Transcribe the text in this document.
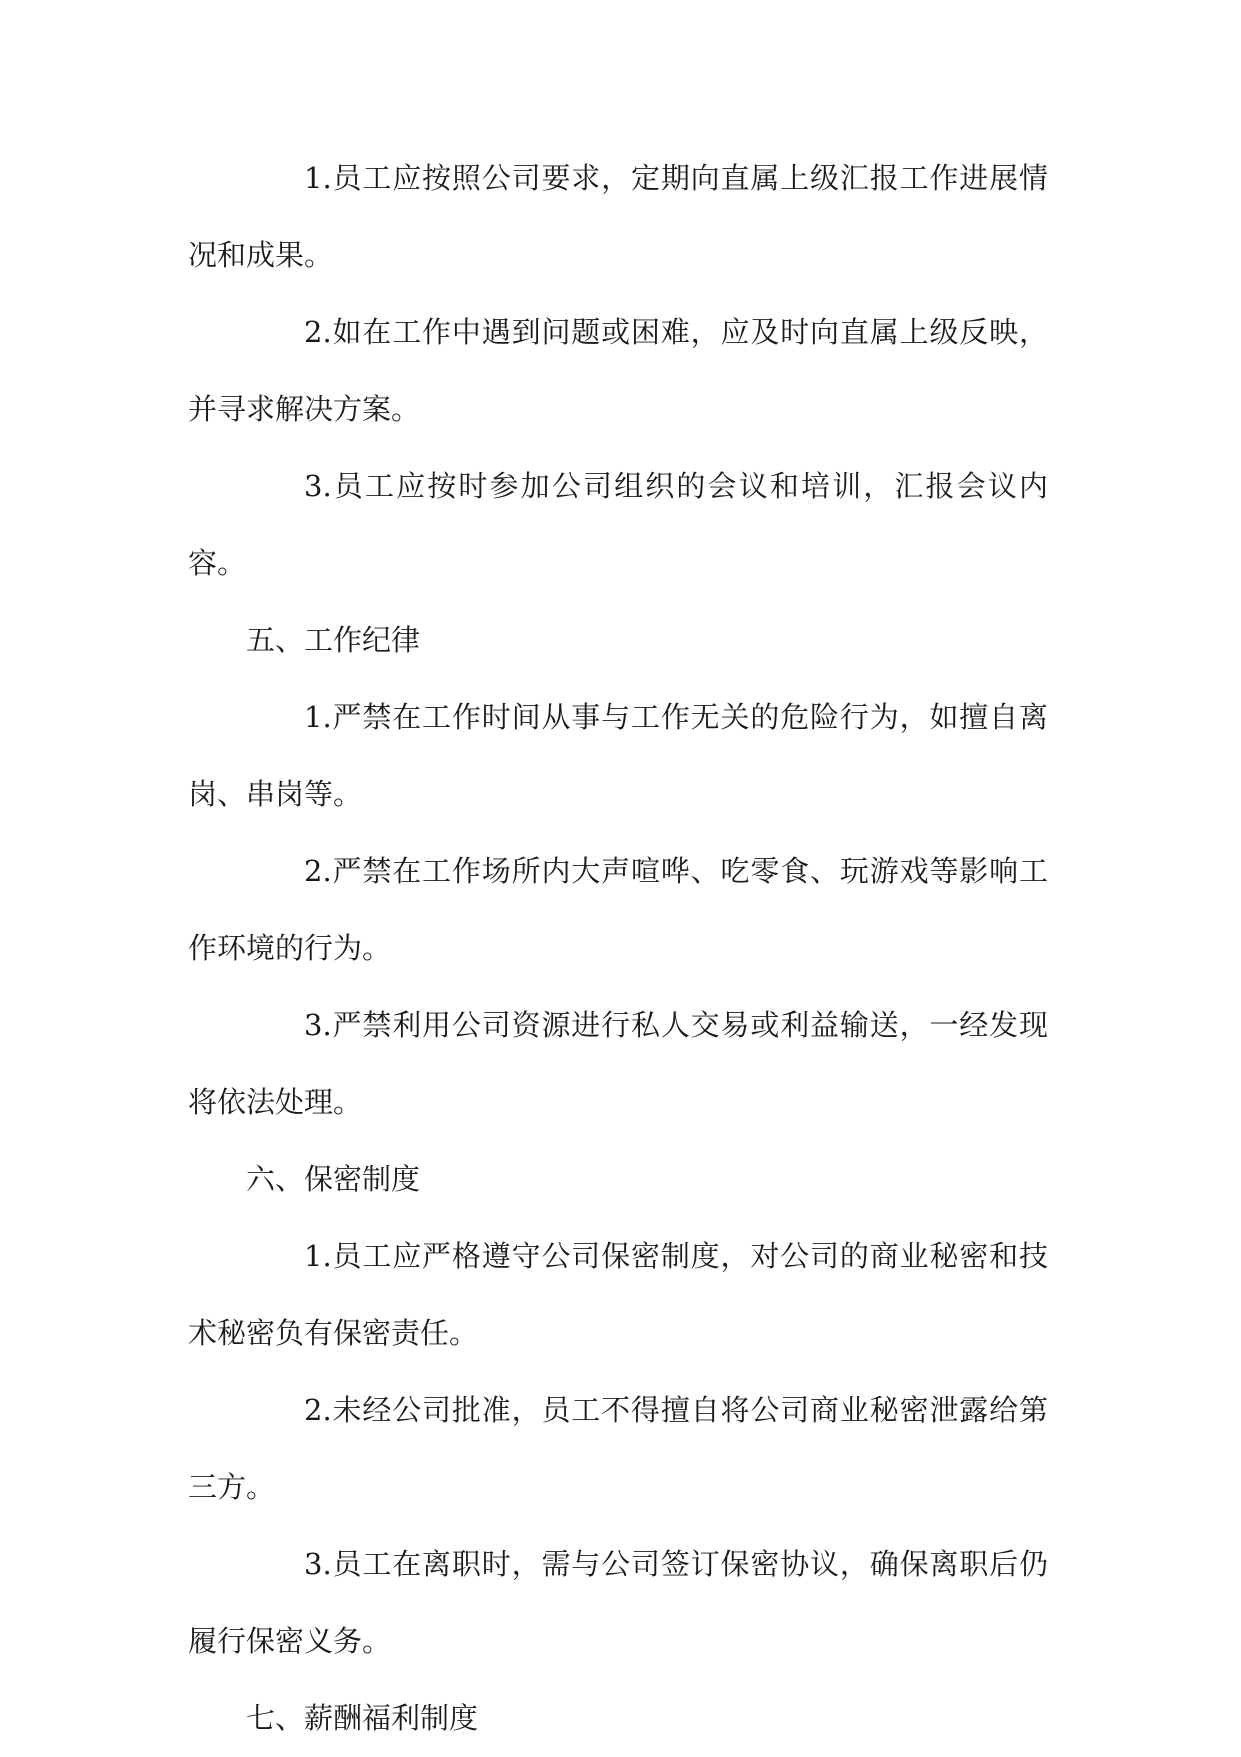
1.员工应按照公司要求，定期向直属上级汇报工作进展情况和成果。

2.如在工作中遇到问题或困难，应及时向直属上级反映，并寻求解决方案。

3.员工应按时参加公司组织的会议和培训，汇报会议内容。

五、工作纪律

1.严禁在工作时间从事与工作无关的危险行为，如擅自离岗、串岗等。

2.严禁在工作场所内大声喧哗、吃零食、玩游戏等影响工作环境的行为。

3.严禁利用公司资源进行私人交易或利益输送，一经发现将依法处理。

六、保密制度

1.员工应严格遵守公司保密制度，对公司的商业秘密和技术秘密负有保密责任。

2.未经公司批准，员工不得擅自将公司商业秘密泄露给第三方。

3.员工在离职时，需与公司签订保密协议，确保离职后仍履行保密义务。

七、薪酬福利制度
